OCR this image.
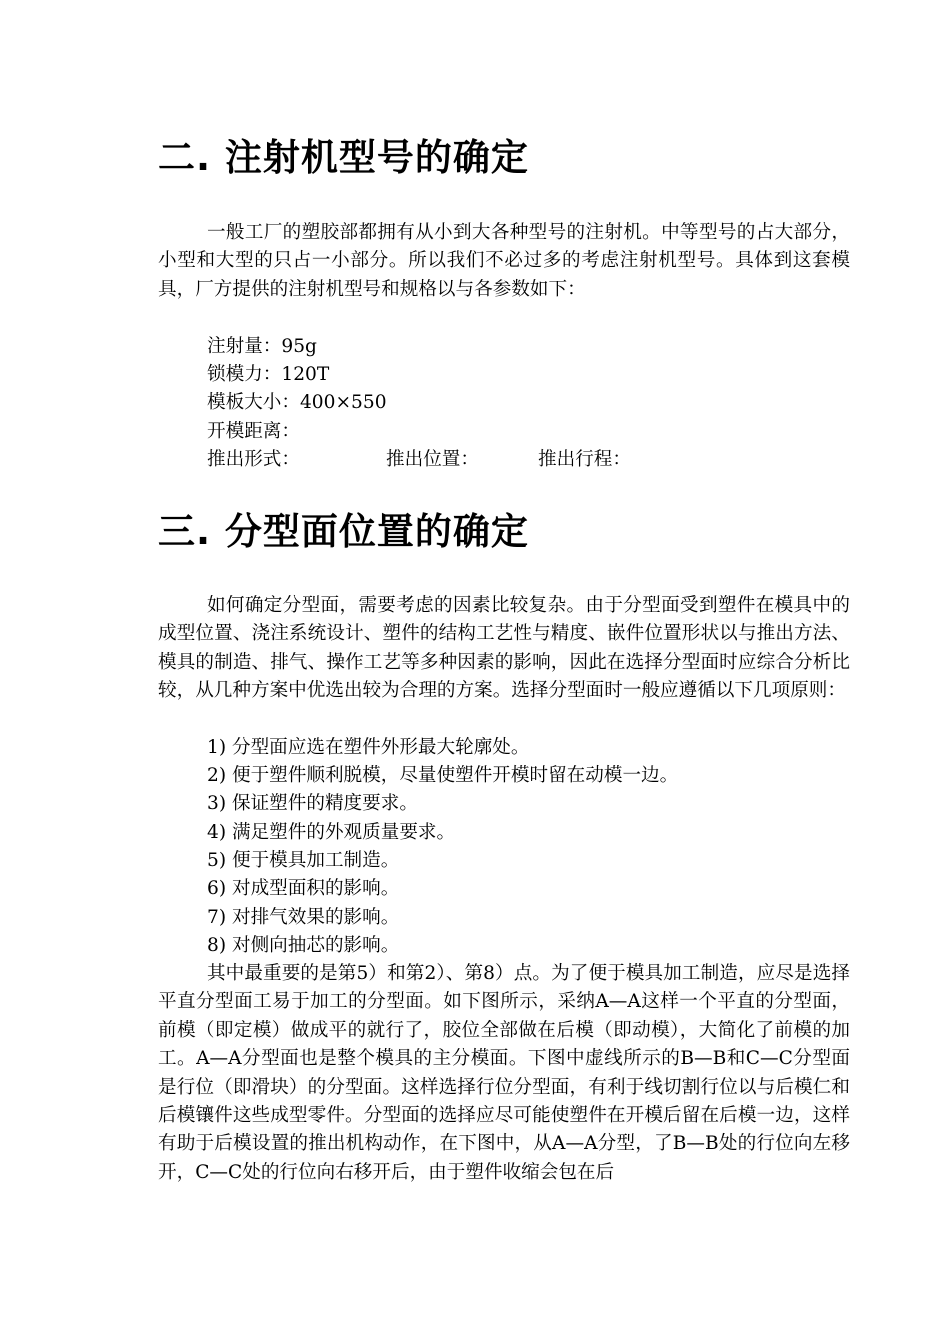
二. 注射机型号的确定

一般工厂的塑胶部都拥有从小到大各种型号的注射机。中等型号的占大部分，小型和大型的只占一小部分。所以我们不必过多的考虑注射机型号。具体到这套模具，厂方提供的注射机型号和规格以与各参数如下：

注射量：95g

锁模力：120T

模板大小：400×550

开模距离：

推出形式：	推出位置：	推出行程：
三. 分型面位置的确定

如何确定分型面，需要考虑的因素比较复杂。由于分型面受到塑件在模具中的成型位置、浇注系统设计、塑件的结构工艺性与精度、嵌件位置形状以与推出方法、模具的制造、排气、操作工艺等多种因素的影响，因此在选择分型面时应综合分析比较，从几种方案中优选出较为合理的方案。选择分型面时一般应遵循以下几项原则：

1) 分型面应选在塑件外形最大轮廓处。

2) 便于塑件顺利脱模，尽量使塑件开模时留在动模一边。

3) 保证塑件的精度要求。

4) 满足塑件的外观质量要求。

5) 便于模具加工制造。

6) 对成型面积的影响。

7) 对排气效果的影响。

8) 对侧向抽芯的影响。

其中最重要的是第5）和第2）、第8）点。为了便于模具加工制造，应尽是选择平直分型面工易于加工的分型面。如下图所示，采纳A—A这样一个平直的分型面，前模（即定模）做成平的就行了，胶位全部做在后模（即动模），大简化了前模的加工。A—A分型面也是整个模具的主分模面。下图中虚线所示的B—B和C—C分型面是行位（即滑块）的分型面。这样选择行位分型面，有利于线切割行位以与后模仁和后模镶件这些成型零件。分型面的选择应尽可能使塑件在开模后留在后模一边，这样有助于后模设置的推出机构动作，在下图中，从A—A分型，了B—B处的行位向左移开，C—C处的行位向右移开后，由于塑件收缩会包在后
